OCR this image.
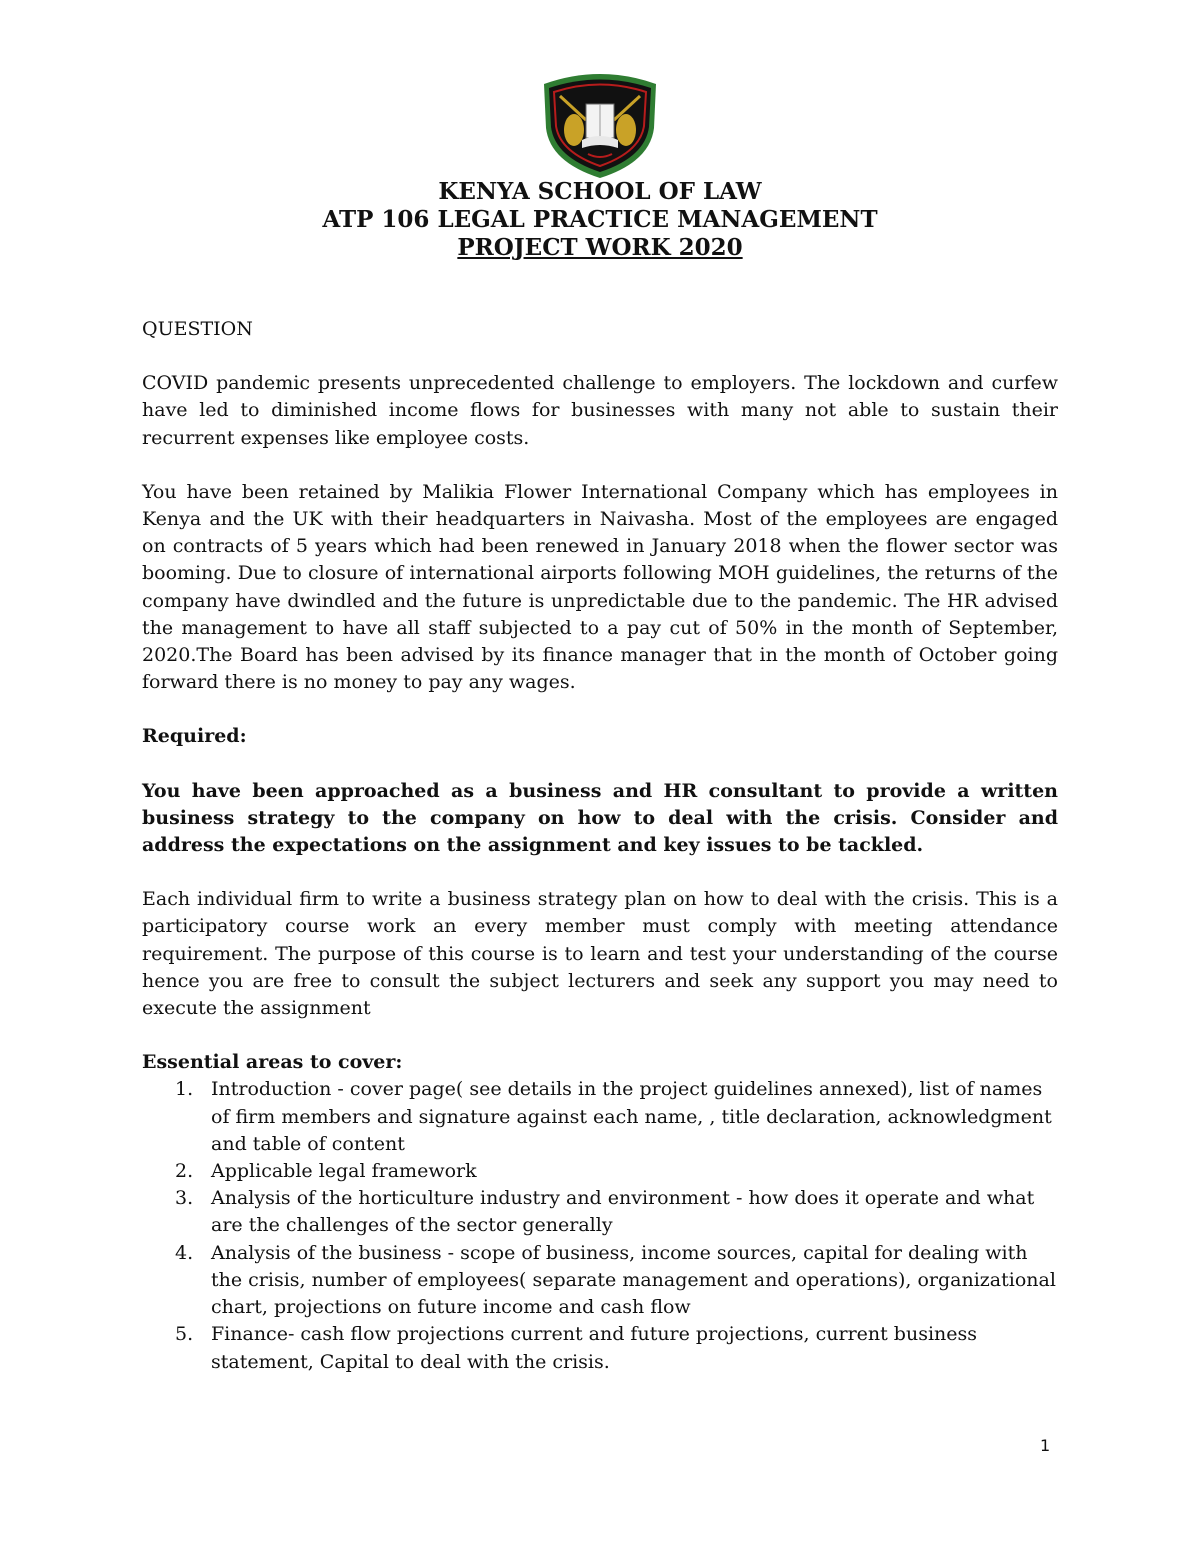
KENYA SCHOOL OF LAW
ATP 106 LEGAL PRACTICE MANAGEMENT
PROJECT WORK 2020

QUESTION

COVID pandemic presents unprecedented challenge to employers. The lockdown and curfew have led to diminished income flows for businesses with many not able to sustain their recurrent expenses like employee costs.

You have been retained by Malikia Flower International Company which has employees in Kenya and the UK with their headquarters in Naivasha. Most of the employees are engaged on contracts of 5 years which had been renewed in January 2018 when the flower sector was booming. Due to closure of international airports following MOH guidelines, the returns of the company have dwindled and the future is unpredictable due to the pandemic. The HR advised the management to have all staff subjected to a pay cut of 50% in the month of September, 2020.The Board has been advised by its finance manager that in the month of October going forward there is no money to pay any wages.

Required:

You have been approached as a business and HR consultant to provide a written business strategy to the company on how to deal with the crisis. Consider and address the expectations on the assignment and key issues to be tackled.

Each individual firm to write a business strategy plan on how to deal with the crisis. This is a participatory course work an every member must comply with meeting attendance requirement. The purpose of this course is to learn and test your understanding of the course hence you are free to consult the subject lecturers and seek any support you may need to execute the assignment

Essential areas to cover:

1. Introduction - cover page( see details in the project guidelines annexed), list of names of firm members and signature against each name, , title declaration, acknowledgment and table of content
2. Applicable legal framework
3. Analysis of the horticulture industry and environment - how does it operate and what are the challenges of the sector generally
4. Analysis of the business - scope of business, income sources, capital for dealing with the crisis, number of employees( separate management and operations), organizational chart, projections on future income and cash flow
5. Finance- cash flow projections current and future projections, current business statement, Capital to deal with the crisis.
1
